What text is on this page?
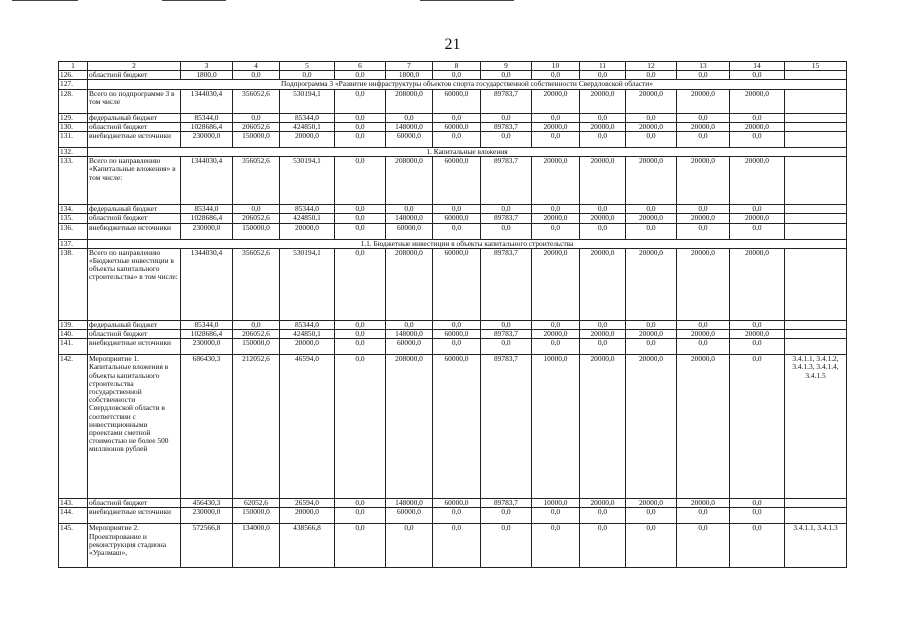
21
1	2	3	4	5	6	7	8	9	10	11	12	13	14	15
126.	областной бюджет	1800,0	0,0	0,0	0,0	1800,0	0,0	0,0	0,0	0,0	0,0	0,0	0,0	
127.	Подпрограмма 3 «Развитие инфраструктуры объектов спорта государственной собственности Свердловской области»													
128.	Всего по подпрограмме 3 в том числе	1344030,4	356052,6	530194,1	0,0	208000,0	60000,0	89783,7	20000,0	20000,0	20000,0	20000,0	20000,0	
129.	федеральный бюджет	85344,0	0,0	85344,0	0,0	0,0	0,0	0,0	0,0	0,0	0,0	0,0	0,0	
130.	областной бюджет	1028686,4	206052,6	424850,1	0,0	148000,0	60000,0	89783,7	20000,0	20000,0	20000,0	20000,0	20000,0	
131.	внебюджетные источники	230000,0	150000,0	20000,0	0,0	60000,0	0,0	0,0	0,0	0,0	0,0	0,0	0,0	
132.	1. Капитальные вложения													
133.	Всего по направлению «Капитальные вложения» в том числе:	1344030,4	356052,6	530194,1	0,0	208000,0	60000,0	89783,7	20000,0	20000,0	20000,0	20000,0	20000,0	
134.	федеральный бюджет	85344,0	0,0	85344,0	0,0	0,0	0,0	0,0	0,0	0,0	0,0	0,0	0,0	
135.	областной бюджет	1028686,4	206052,6	424850,1	0,0	148000,0	60000,0	89783,7	20000,0	20000,0	20000,0	20000,0	20000,0	
136.	внебюджетные источники	230000,0	150000,0	20000,0	0,0	60000,0	0,0	0,0	0,0	0,0	0,0	0,0	0,0	
137.	1.1. Бюджетные инвестиции в объекты капитального строительства													
138.	Всего по направлению «Бюджетные инвестиции в объекты капитального строительства» в том числе:	1344030,4	356052,6	530194,1	0,0	208000,0	60000,0	89783,7	20000,0	20000,0	20000,0	20000,0	20000,0	
139.	федеральный бюджет	85344,0	0,0	85344,0	0,0	0,0	0,0	0,0	0,0	0,0	0,0	0,0	0,0	
140.	областной бюджет	1028686,4	206052,6	424850,1	0,0	148000,0	60000,0	89783,7	20000,0	20000,0	20000,0	20000,0	20000,0	
141.	внебюджетные источники	230000,0	150000,0	20000,0	0,0	60000,0	0,0	0,0	0,0	0,0	0,0	0,0	0,0	
142.	Мероприятие 1. Капитальные вложения в объекты капитального строительства государственной собственности Свердловской области в соответствии с инвестиционными проектами сметной стоимостью не более 500 миллионов рублей	686430,3	212052,6	46594,0	0,0	208000,0	60000,0	89783,7	10000,0	20000,0	20000,0	20000,0	0,0	3.4.1.1, 3.4.1.2, 3.4.1.3, 3.4.1.4, 3.4.1.5
143.	областной бюджет	456430,3	62052,6	26594,0	0,0	148000,0	60000,0	89783,7	10000,0	20000,0	20000,0	20000,0	0,0	
144.	внебюджетные источники	230000,0	150000,0	20000,0	0,0	60000,0	0,0	0,0	0,0	0,0	0,0	0,0	0,0	
145.	Мероприятие 2. Проектирование и реконструкция стадиона «Уралмаш»,	572566,8	134000,0	438566,8	0,0	0,0	0,0	0,0	0,0	0,0	0,0	0,0	0,0	3.4.1.1, 3.4.1.3
